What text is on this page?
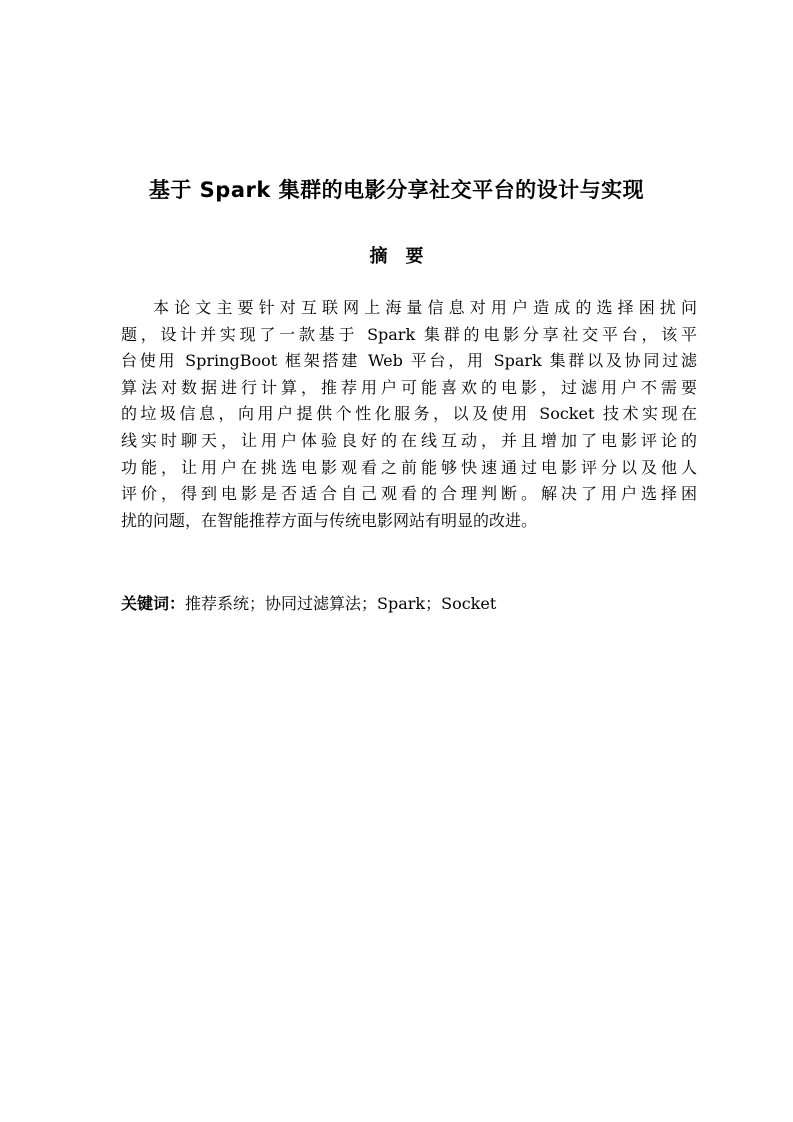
基于 Spark 集群的电影分享社交平台的设计与实现
摘要
本论文主要针对互联网上海量信息对用户造成的选择困扰问
题，设计并实现了一款基于 Spark 集群的电影分享社交平台，该平
台使用 SpringBoot 框架搭建 Web 平台，用 Spark 集群以及协同过滤
算法对数据进行计算，推荐用户可能喜欢的电影，过滤用户不需要
的垃圾信息，向用户提供个性化服务，以及使用 Socket 技术实现在
线实时聊天，让用户体验良好的在线互动，并且增加了电影评论的
功能，让用户在挑选电影观看之前能够快速通过电影评分以及他人
评价，得到电影是否适合自己观看的合理判断。解决了用户选择困
扰的问题，在智能推荐方面与传统电影网站有明显的改进。
关键词：推荐系统；协同过滤算法；Spark；Socket
